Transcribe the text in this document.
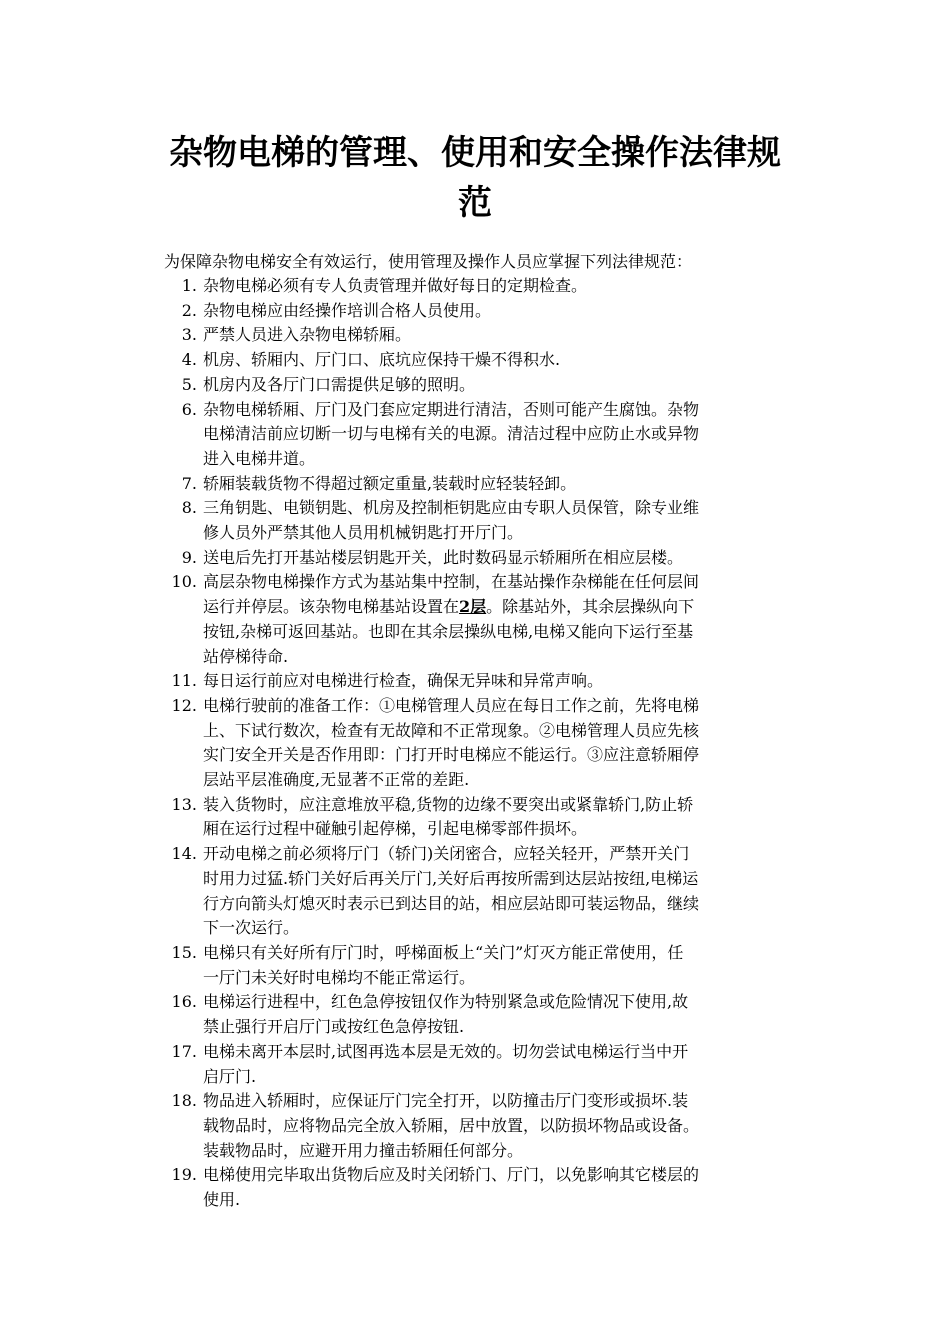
杂物电梯的管理、使用和安全操作法律规
范
为保障杂物电梯安全有效运行，使用管理及操作人员应掌握下列法律规范：
1. 杂物电梯必须有专人负责管理并做好每日的定期检查。
2. 杂物电梯应由经操作培训合格人员使用。
3. 严禁人员进入杂物电梯轿厢。
4. 机房、轿厢内、厅门口、底坑应保持干燥不得积水.
5. 机房内及各厅门口需提供足够的照明。
6. 杂物电梯轿厢、厅门及门套应定期进行清洁，否则可能产生腐蚀。杂物
电梯清洁前应切断一切与电梯有关的电源。清洁过程中应防止水或异物
进入电梯井道。
7. 轿厢装载货物不得超过额定重量,装载时应轻装轻卸。
8. 三角钥匙、电锁钥匙、机房及控制柜钥匙应由专职人员保管，除专业维
修人员外严禁其他人员用机械钥匙打开厅门。
9. 送电后先打开基站楼层钥匙开关，此时数码显示轿厢所在相应层楼。
10. 高层杂物电梯操作方式为基站集中控制，在基站操作杂梯能在任何层间
运行并停层。该杂物电梯基站设置在2层。除基站外，其余层操纵向下
按钮,杂梯可返回基站。也即在其余层操纵电梯,电梯又能向下运行至基
站停梯待命.
11. 每日运行前应对电梯进行检查，确保无异味和异常声响。
12. 电梯行驶前的准备工作：①电梯管理人员应在每日工作之前，先将电梯
上、下试行数次，检查有无故障和不正常现象。②电梯管理人员应先核
实门安全开关是否作用即：门打开时电梯应不能运行。③应注意轿厢停
层站平层准确度,无显著不正常的差距.
13. 装入货物时，应注意堆放平稳,货物的边缘不要突出或紧靠轿门,防止轿
厢在运行过程中碰触引起停梯，引起电梯零部件损坏。
14. 开动电梯之前必须将厅门（轿门)关闭密合，应轻关轻开，严禁开关门
时用力过猛.轿门关好后再关厅门,关好后再按所需到达层站按纽,电梯运
行方向箭头灯熄灭时表示已到达目的站，相应层站即可装运物品，继续
下一次运行。
15. 电梯只有关好所有厅门时，呼梯面板上“关门”灯灭方能正常使用，任
一厅门未关好时电梯均不能正常运行。
16. 电梯运行进程中，红色急停按钮仅作为特别紧急或危险情况下使用,故
禁止强行开启厅门或按红色急停按钮.
17. 电梯未离开本层时,试图再选本层是无效的。切勿尝试电梯运行当中开
启厅门.
18. 物品进入轿厢时，应保证厅门完全打开，以防撞击厅门变形或损坏.装
载物品时，应将物品完全放入轿厢，居中放置，以防损坏物品或设备。
装载物品时，应避开用力撞击轿厢任何部分。
19. 电梯使用完毕取出货物后应及时关闭轿门、厅门，以免影响其它楼层的
使用.
